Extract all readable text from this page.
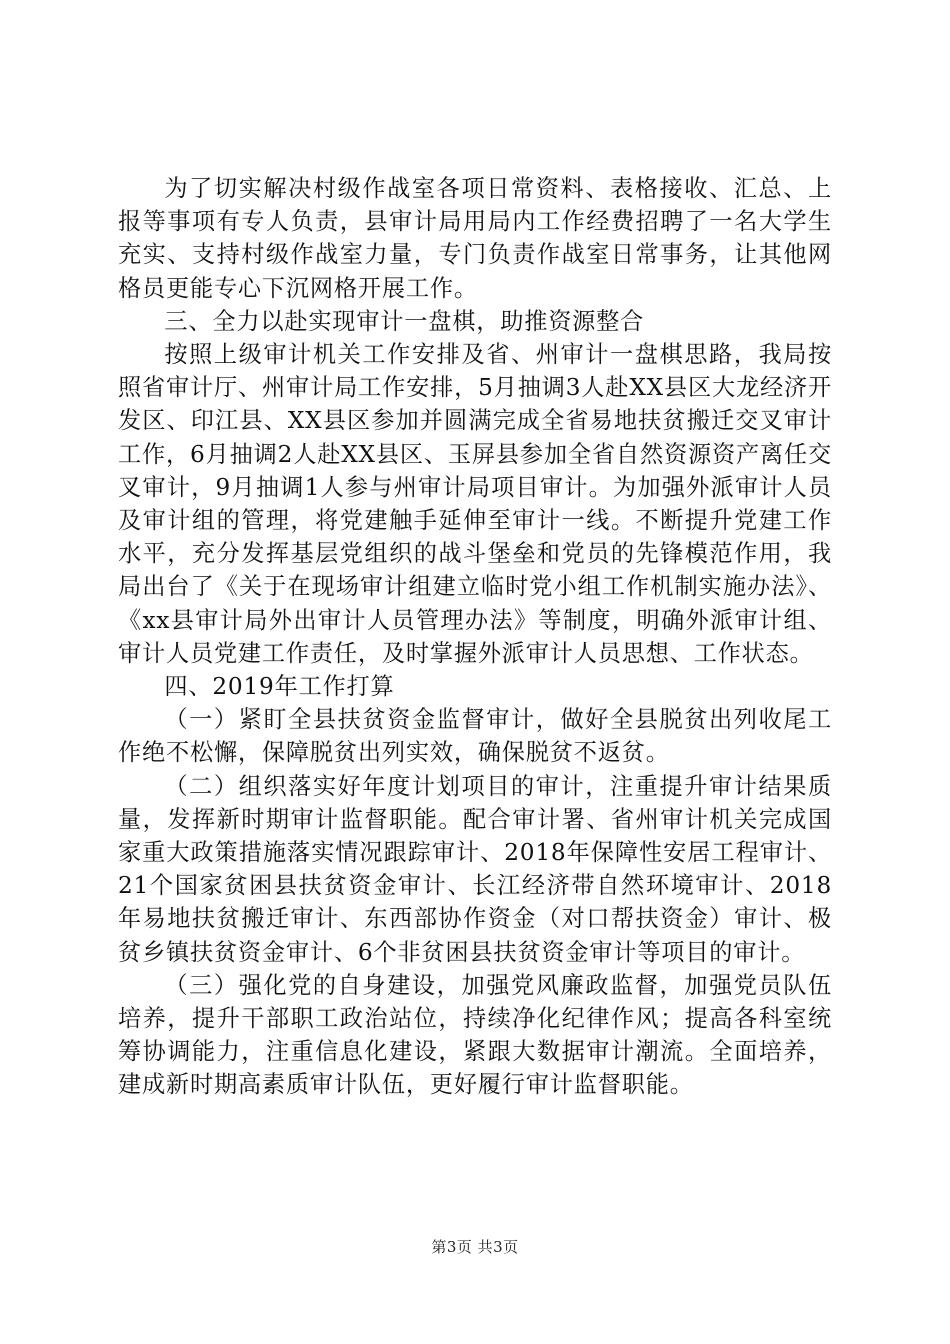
为了切实解决村级作战室各项日常资料、表格接收、汇总、上报等事项有专人负责，县审计局用局内工作经费招聘了一名大学生充实、支持村级作战室力量，专门负责作战室日常事务，让其他网格员更能专心下沉网格开展工作。

三、全力以赴实现审计一盘棋，助推资源整合

按照上级审计机关工作安排及省、州审计一盘棋思路，我局按照省审计厅、州审计局工作安排，5月抽调3人赴XX县区大龙经济开发区、印江县、XX县区参加并圆满完成全省易地扶贫搬迁交叉审计工作，6月抽调2人赴XX县区、玉屏县参加全省自然资源资产离任交叉审计，9月抽调1人参与州审计局项目审计。为加强外派审计人员及审计组的管理，将党建触手延伸至审计一线。不断提升党建工作水平，充分发挥基层党组织的战斗堡垒和党员的先锋模范作用，我局出台了《关于在现场审计组建立临时党小组工作机制实施办法》、《xx县审计局外出审计人员管理办法》等制度，明确外派审计组、审计人员党建工作责任，及时掌握外派审计人员思想、工作状态。

四、2019年工作打算

（一）紧盯全县扶贫资金监督审计，做好全县脱贫出列收尾工作绝不松懈，保障脱贫出列实效，确保脱贫不返贫。

（二）组织落实好年度计划项目的审计，注重提升审计结果质量，发挥新时期审计监督职能。配合审计署、省州审计机关完成国家重大政策措施落实情况跟踪审计、2018年保障性安居工程审计、21个国家贫困县扶贫资金审计、长江经济带自然环境审计、2018年易地扶贫搬迁审计、东西部协作资金（对口帮扶资金）审计、极贫乡镇扶贫资金审计、6个非贫困县扶贫资金审计等项目的审计。

（三）强化党的自身建设，加强党风廉政监督，加强党员队伍培养，提升干部职工政治站位，持续净化纪律作风；提高各科室统筹协调能力，注重信息化建设，紧跟大数据审计潮流。全面培养，建成新时期高素质审计队伍，更好履行审计监督职能。

第3页 共3页
